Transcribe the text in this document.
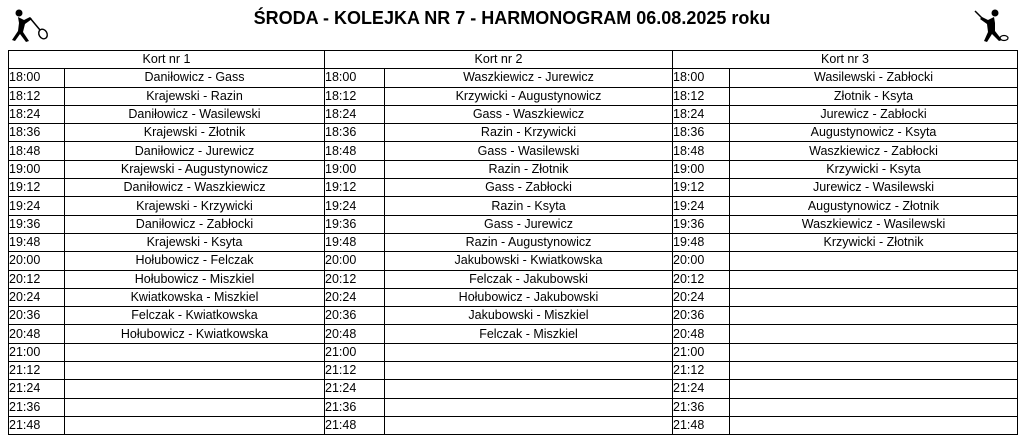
ŚRODA - KOLEJKA NR 7 - HARMONOGRAM 06.08.2025 roku
Kort nr 1		Kort nr 2		Kort nr 3	
18:00	Daniłowicz - Gass	18:00	Waszkiewicz - Jurewicz	18:00	Wasilewski - Zabłocki
18:12	Krajewski - Razin	18:12	Krzywicki - Augustynowicz	18:12	Złotnik - Ksyta
18:24	Daniłowicz - Wasilewski	18:24	Gass - Waszkiewicz	18:24	Jurewicz - Zabłocki
18:36	Krajewski - Złotnik	18:36	Razin - Krzywicki	18:36	Augustynowicz - Ksyta
18:48	Daniłowicz - Jurewicz	18:48	Gass - Wasilewski	18:48	Waszkiewicz - Zabłocki
19:00	Krajewski - Augustynowicz	19:00	Razin - Złotnik	19:00	Krzywicki - Ksyta
19:12	Daniłowicz - Waszkiewicz	19:12	Gass - Zabłocki	19:12	Jurewicz - Wasilewski
19:24	Krajewski - Krzywicki	19:24	Razin - Ksyta	19:24	Augustynowicz - Złotnik
19:36	Daniłowicz - Zabłocki	19:36	Gass - Jurewicz	19:36	Waszkiewicz - Wasilewski
19:48	Krajewski - Ksyta	19:48	Razin - Augustynowicz	19:48	Krzywicki - Złotnik
20:00	Hołubowicz - Felczak	20:00	Jakubowski - Kwiatkowska	20:00	
20:12	Hołubowicz - Miszkiel	20:12	Felczak - Jakubowski	20:12	
20:24	Kwiatkowska - Miszkiel	20:24	Hołubowicz - Jakubowski	20:24	
20:36	Felczak - Kwiatkowska	20:36	Jakubowski - Miszkiel	20:36	
20:48	Hołubowicz - Kwiatkowska	20:48	Felczak - Miszkiel	20:48	
21:00		21:00		21:00	
21:12		21:12		21:12	
21:24		21:24		21:24	
21:36		21:36		21:36	
21:48		21:48		21:48	
